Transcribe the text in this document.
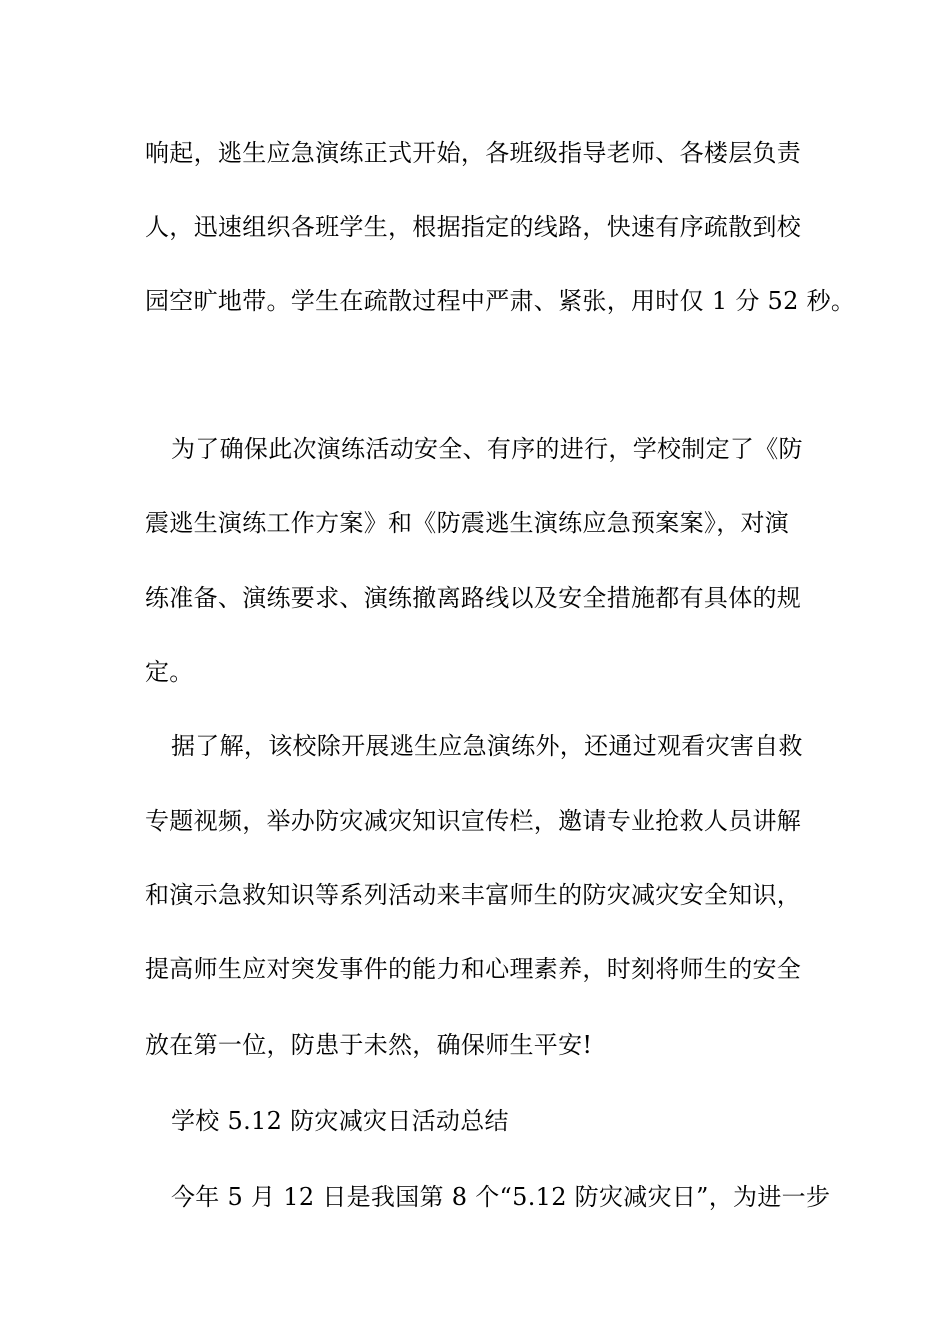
响起，逃生应急演练正式开始，各班级指导老师、各楼层负责
人，迅速组织各班学生，根据指定的线路，快速有序疏散到校
园空旷地带。学生在疏散过程中严肃、紧张，用时仅 1 分 52 秒。
为了确保此次演练活动安全、有序的进行，学校制定了《防
震逃生演练工作方案》和《防震逃生演练应急预案案》，对演
练准备、演练要求、演练撤离路线以及安全措施都有具体的规
定。
据了解，该校除开展逃生应急演练外，还通过观看灾害自救
专题视频，举办防灾减灾知识宣传栏，邀请专业抢救人员讲解
和演示急救知识等系列活动来丰富师生的防灾减灾安全知识，
提高师生应对突发事件的能力和心理素养，时刻将师生的安全
放在第一位，防患于未然，确保师生平安!
学校 5.12 防灾减灾日活动总结
今年 5 月 12 日是我国第 8 个“5.12 防灾减灾日”，为进一步
